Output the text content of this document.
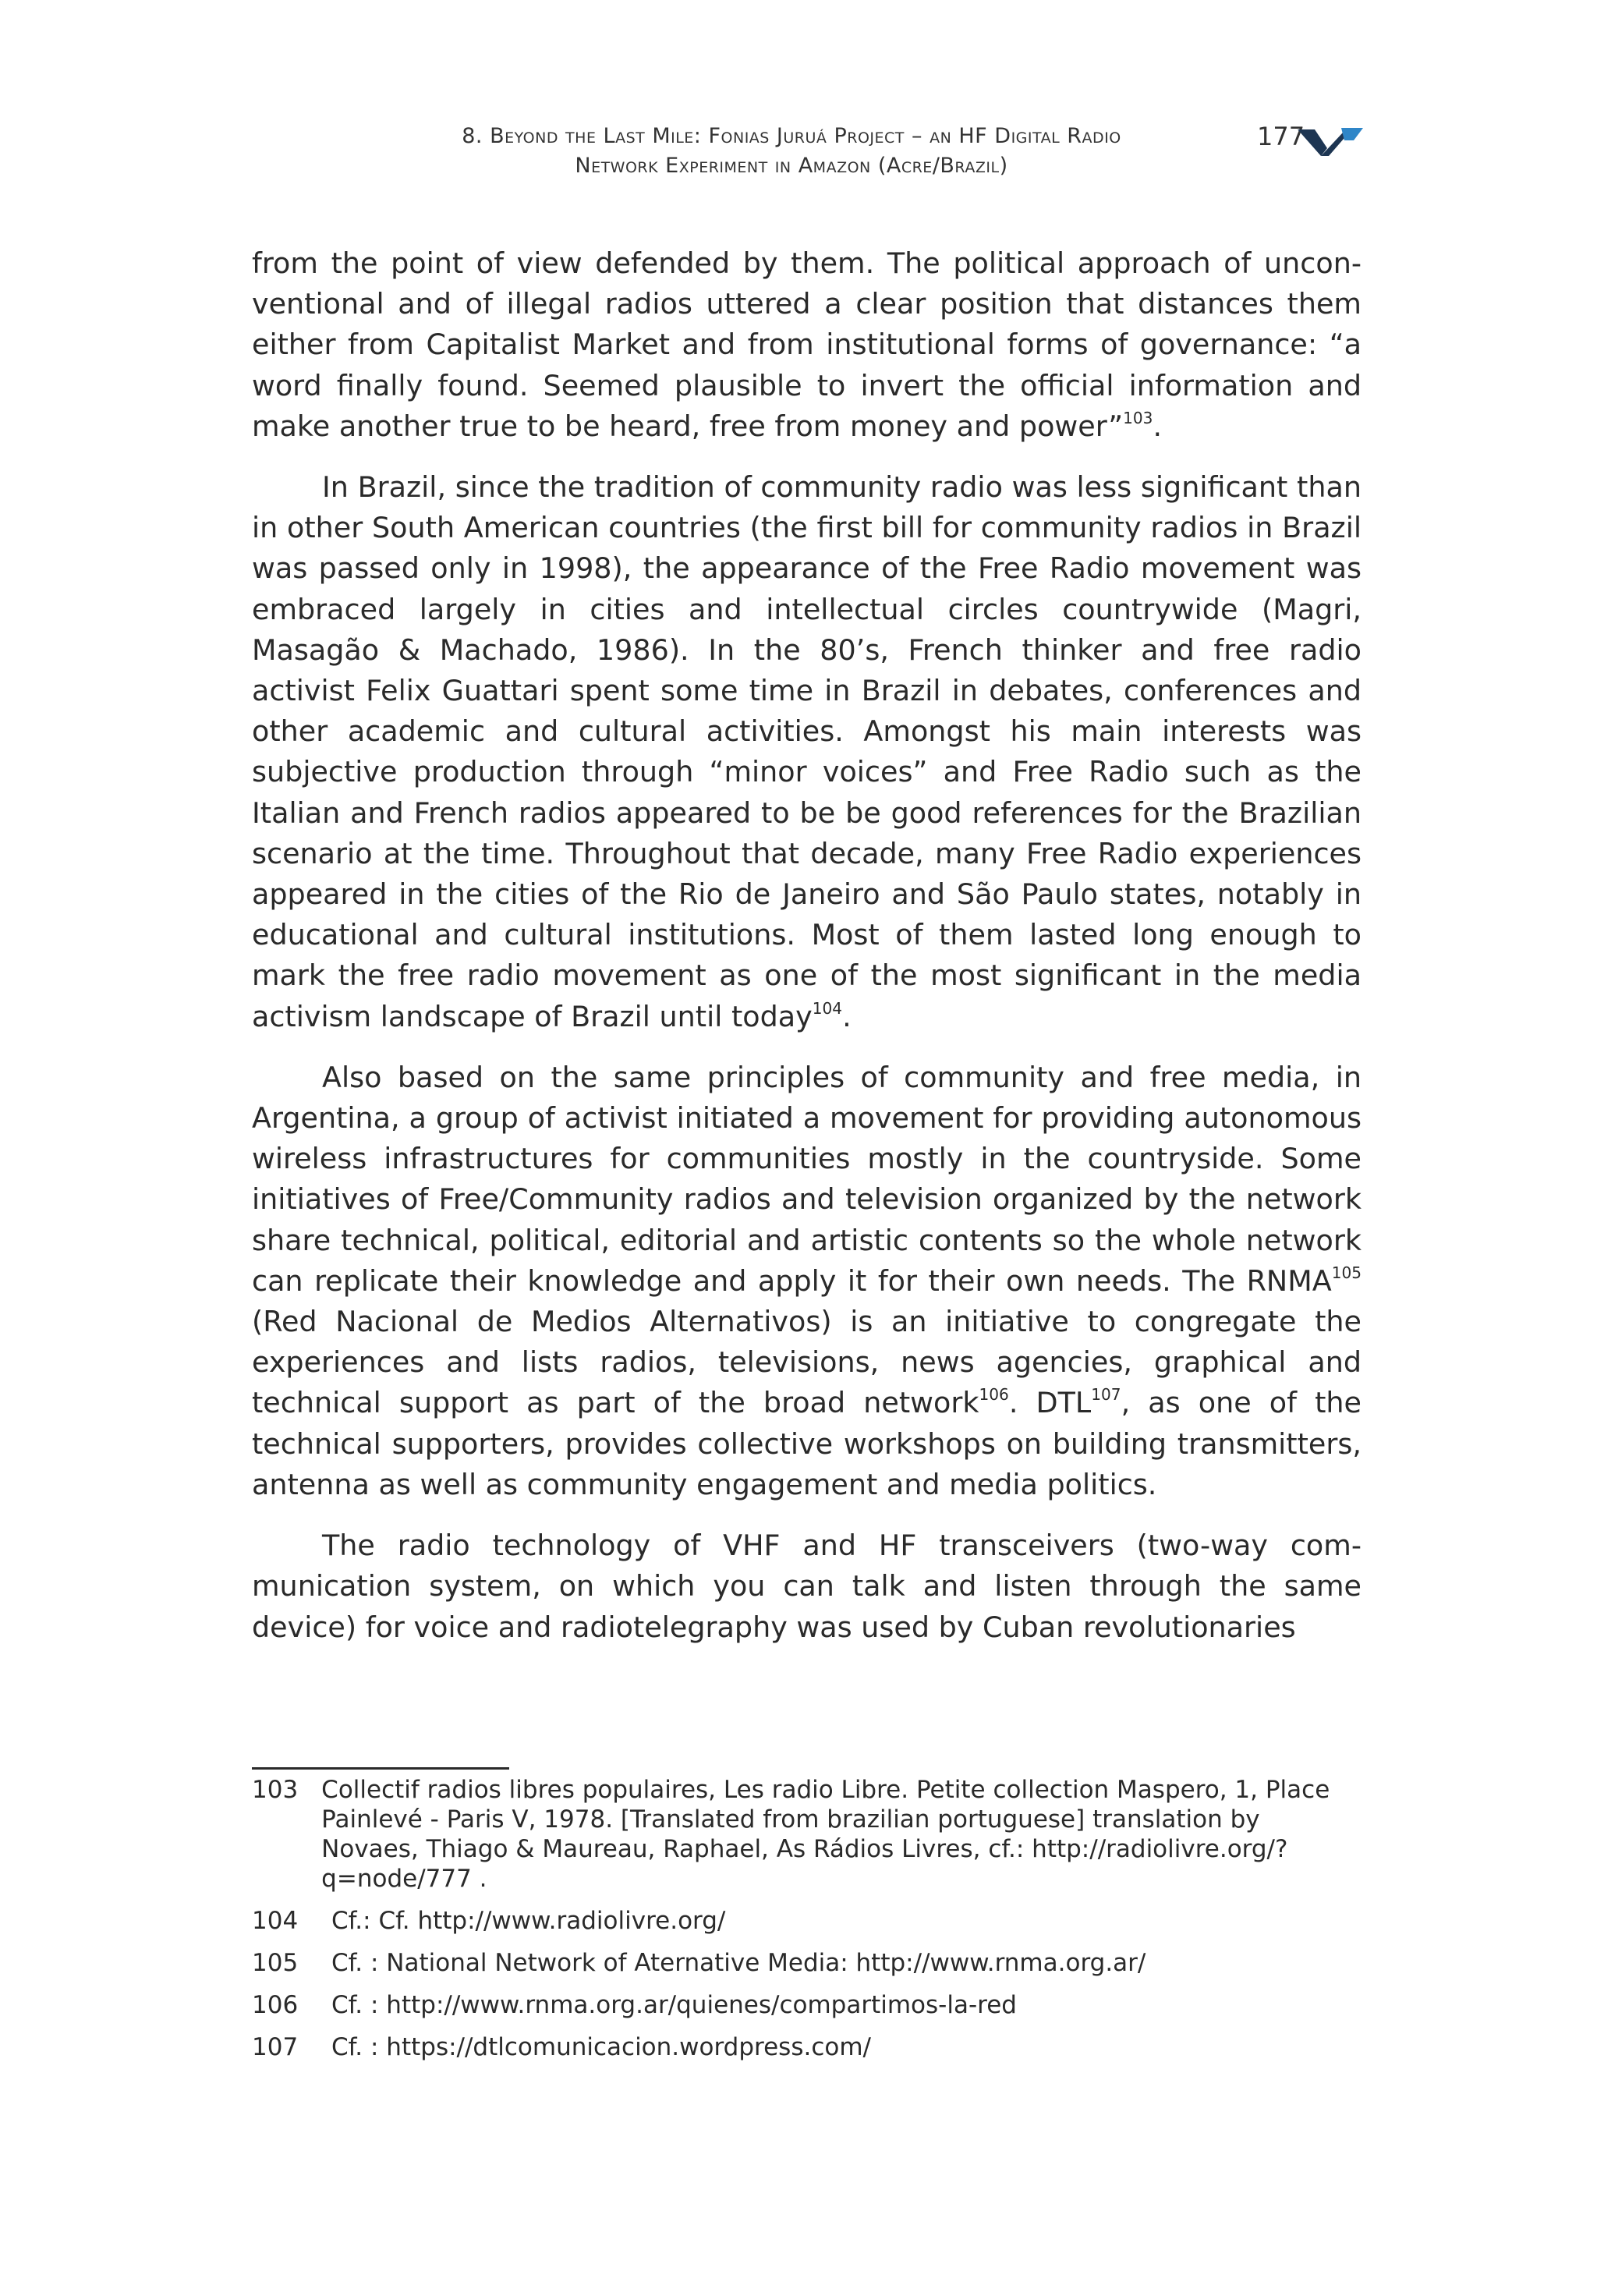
8. Beyond the Last Mile: Fonias Juruá Project – an HF Digital Radio
Network Experiment in Amazon (Acre/Brazil)
177

from the point of view defended by them. The political approach of unconventional and of illegal radios uttered a clear position that distances them either from Capitalist Market and from institutional forms of governance: “a word finally found. Seemed plausible to invert the official information and make another true to be heard, free from money and power”$^{103}$.

In Brazil, since the tradition of community radio was less significant than in other South American countries (the first bill for community radios in Brazil was passed only in 1998), the appearance of the Free Radio movement was embraced largely in cities and intellectual circles countrywide (Magri, Masagão & Machado, 1986). In the 80’s, French thinker and free radio activist Felix Guattari spent some time in Brazil in debates, conferences and other academic and cultural activities. Amongst his main interests was subjective production through “minor voices” and Free Radio such as the Italian and French radios appeared to be be good references for the Brazilian scenario at the time. Throughout that decade, many Free Radio experiences appeared in the cities of the Rio de Janeiro and São Paulo states, notably in educational and cultural institutions. Most of them lasted long enough to mark the free radio movement as one of the most significant in the media activism landscape of Brazil until today$^{104}$.

Also based on the same principles of community and free media, in Argentina, a group of activist initiated a movement for providing autonomous wireless infrastructures for communities mostly in the countryside. Some initiatives of Free/Community radios and television organized by the network share technical, political, editorial and artistic contents so the whole network can replicate their knowledge and apply it for their own needs. The RNMA$^{105}$ (Red Nacional de Medios Alternativos) is an initiative to congregate the experiences and lists radios, televisions, news agencies, graphical and technical support as part of the broad network$^{106}$. DTL$^{107}$, as one of the technical supporters, provides collective workshops on building transmitters, antenna as well as community engagement and media politics.

The radio technology of VHF and HF transceivers (two-way communication system, on which you can talk and listen through the same device) for voice and radiotelegraphy was used by Cuban revolutionaries

103 Collectif radios libres populaires, Les radio Libre. Petite collection Maspero, 1, Place Painlevé - Paris V, 1978. [Translated from brazilian portuguese] translation by Novaes, Thiago & Maureau, Raphael, As Rádios Livres, cf.: http://radiolivre.org/?q=node/777 .
104	Cf.: Cf. http://www.radiolivre.org/
105	Cf. : National Network of Aternative Media: http://www.rnma.org.ar/
106	Cf. : http://www.rnma.org.ar/quienes/compartimos-la-red
107	Cf. : https://dtlcomunicacion.wordpress.com/
